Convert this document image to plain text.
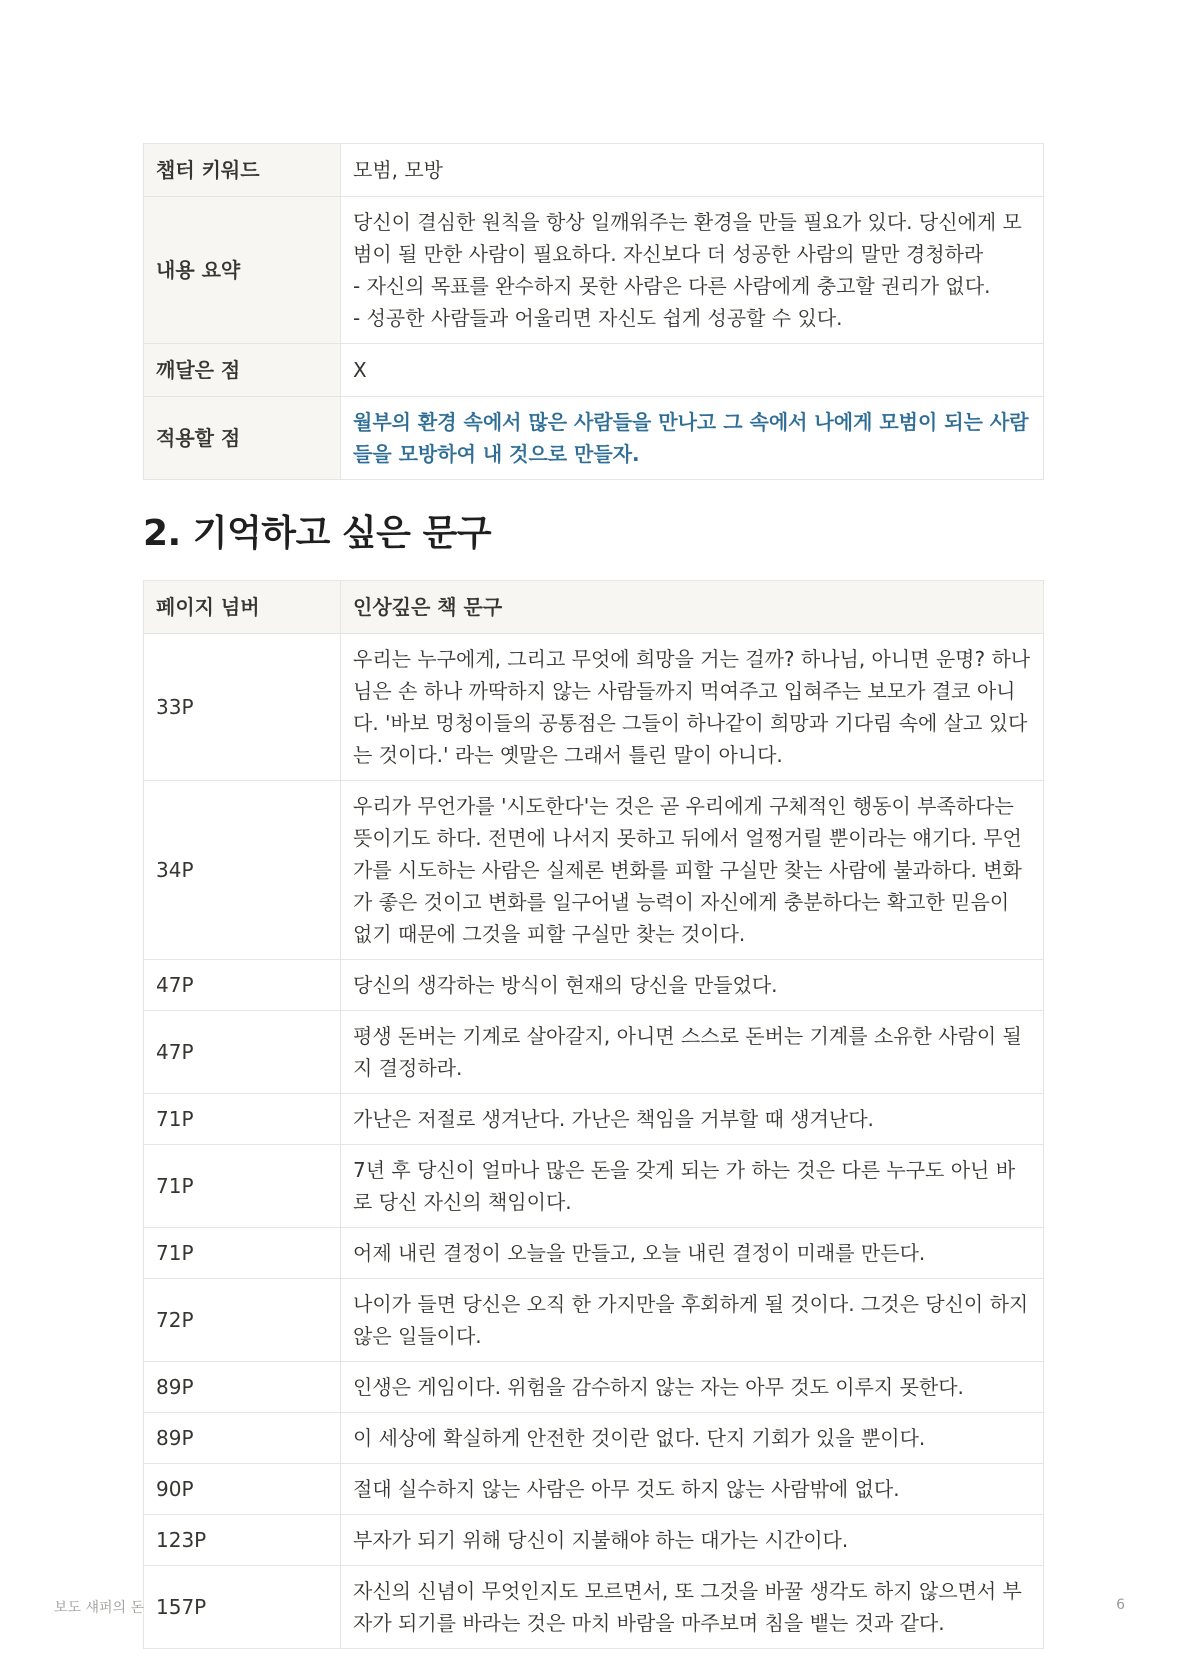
챕터 키워드	모범, 모방
내용 요약	당신이 결심한 원칙을 항상 일깨워주는 환경을 만들 필요가 있다. 당신에게 모범이 될 만한 사람이 필요하다. 자신보다 더 성공한 사람의 말만 경청하라
- 자신의 목표를 완수하지 못한 사람은 다른 사람에게 충고할 권리가 없다.
- 성공한 사람들과 어울리면 자신도 쉽게 성공할 수 있다.

깨달은 점	X
적용할 점	월부의 환경 속에서 많은 사람들을 만나고 그 속에서 나에게 모범이 되는 사람들을 모방하여 내 것으로 만들자.
2. 기억하고 싶은 문구
페이지 넘버	인상깊은 책 문구
33P	우리는 누구에게, 그리고 무엇에 희망을 거는 걸까? 하나님, 아니면 운명? 하나님은 손 하나 까딱하지 않는 사람들까지 먹여주고 입혀주는 보모가 결코 아니다. '바보 멍청이들의 공통점은 그들이 하나같이 희망과 기다림 속에 살고 있다는 것이다.' 라는 옛말은 그래서 틀린 말이 아니다.
34P	우리가 무언가를 '시도한다'는 것은 곧 우리에게 구체적인 행동이 부족하다는 뜻이기도 하다. 전면에 나서지 못하고 뒤에서 얼쩡거릴 뿐이라는 얘기다. 무언가를 시도하는 사람은 실제론 변화를 피할 구실만 찾는 사람에 불과하다. 변화가 좋은 것이고 변화를 일구어낼 능력이 자신에게 충분하다는 확고한 믿음이 없기 때문에 그것을 피할 구실만 찾는 것이다.
47P	당신의 생각하는 방식이 현재의 당신을 만들었다.
47P	평생 돈버는 기계로 살아갈지, 아니면 스스로 돈버는 기계를 소유한 사람이 될지 결정하라.
71P	가난은 저절로 생겨난다. 가난은 책임을 거부할 때 생겨난다.
71P	7년 후 당신이 얼마나 많은 돈을 갖게 되는 가 하는 것은 다른 누구도 아닌 바로 당신 자신의 책임이다.
71P	어제 내린 결정이 오늘을 만들고, 오늘 내린 결정이 미래를 만든다.
72P	나이가 들면 당신은 오직 한 가지만을 후회하게 될 것이다. 그것은 당신이 하지 않은 일들이다.
89P	인생은 게임이다. 위험을 감수하지 않는 자는 아무 것도 이루지 못한다.
89P	이 세상에 확실하게 안전한 것이란 없다. 단지 기회가 있을 뿐이다.
90P	절대 실수하지 않는 사람은 아무 것도 하지 않는 사람밖에 없다.
123P	부자가 되기 위해 당신이 지불해야 하는 대가는 시간이다.
157P	자신의 신념이 무엇인지도 모르면서, 또 그것을 바꿀 생각도 하지 않으면서 부자가 되기를 바라는 것은 마치 바람을 마주보며 침을 뱉는 것과 같다.
보도 섀퍼의 돈	6
